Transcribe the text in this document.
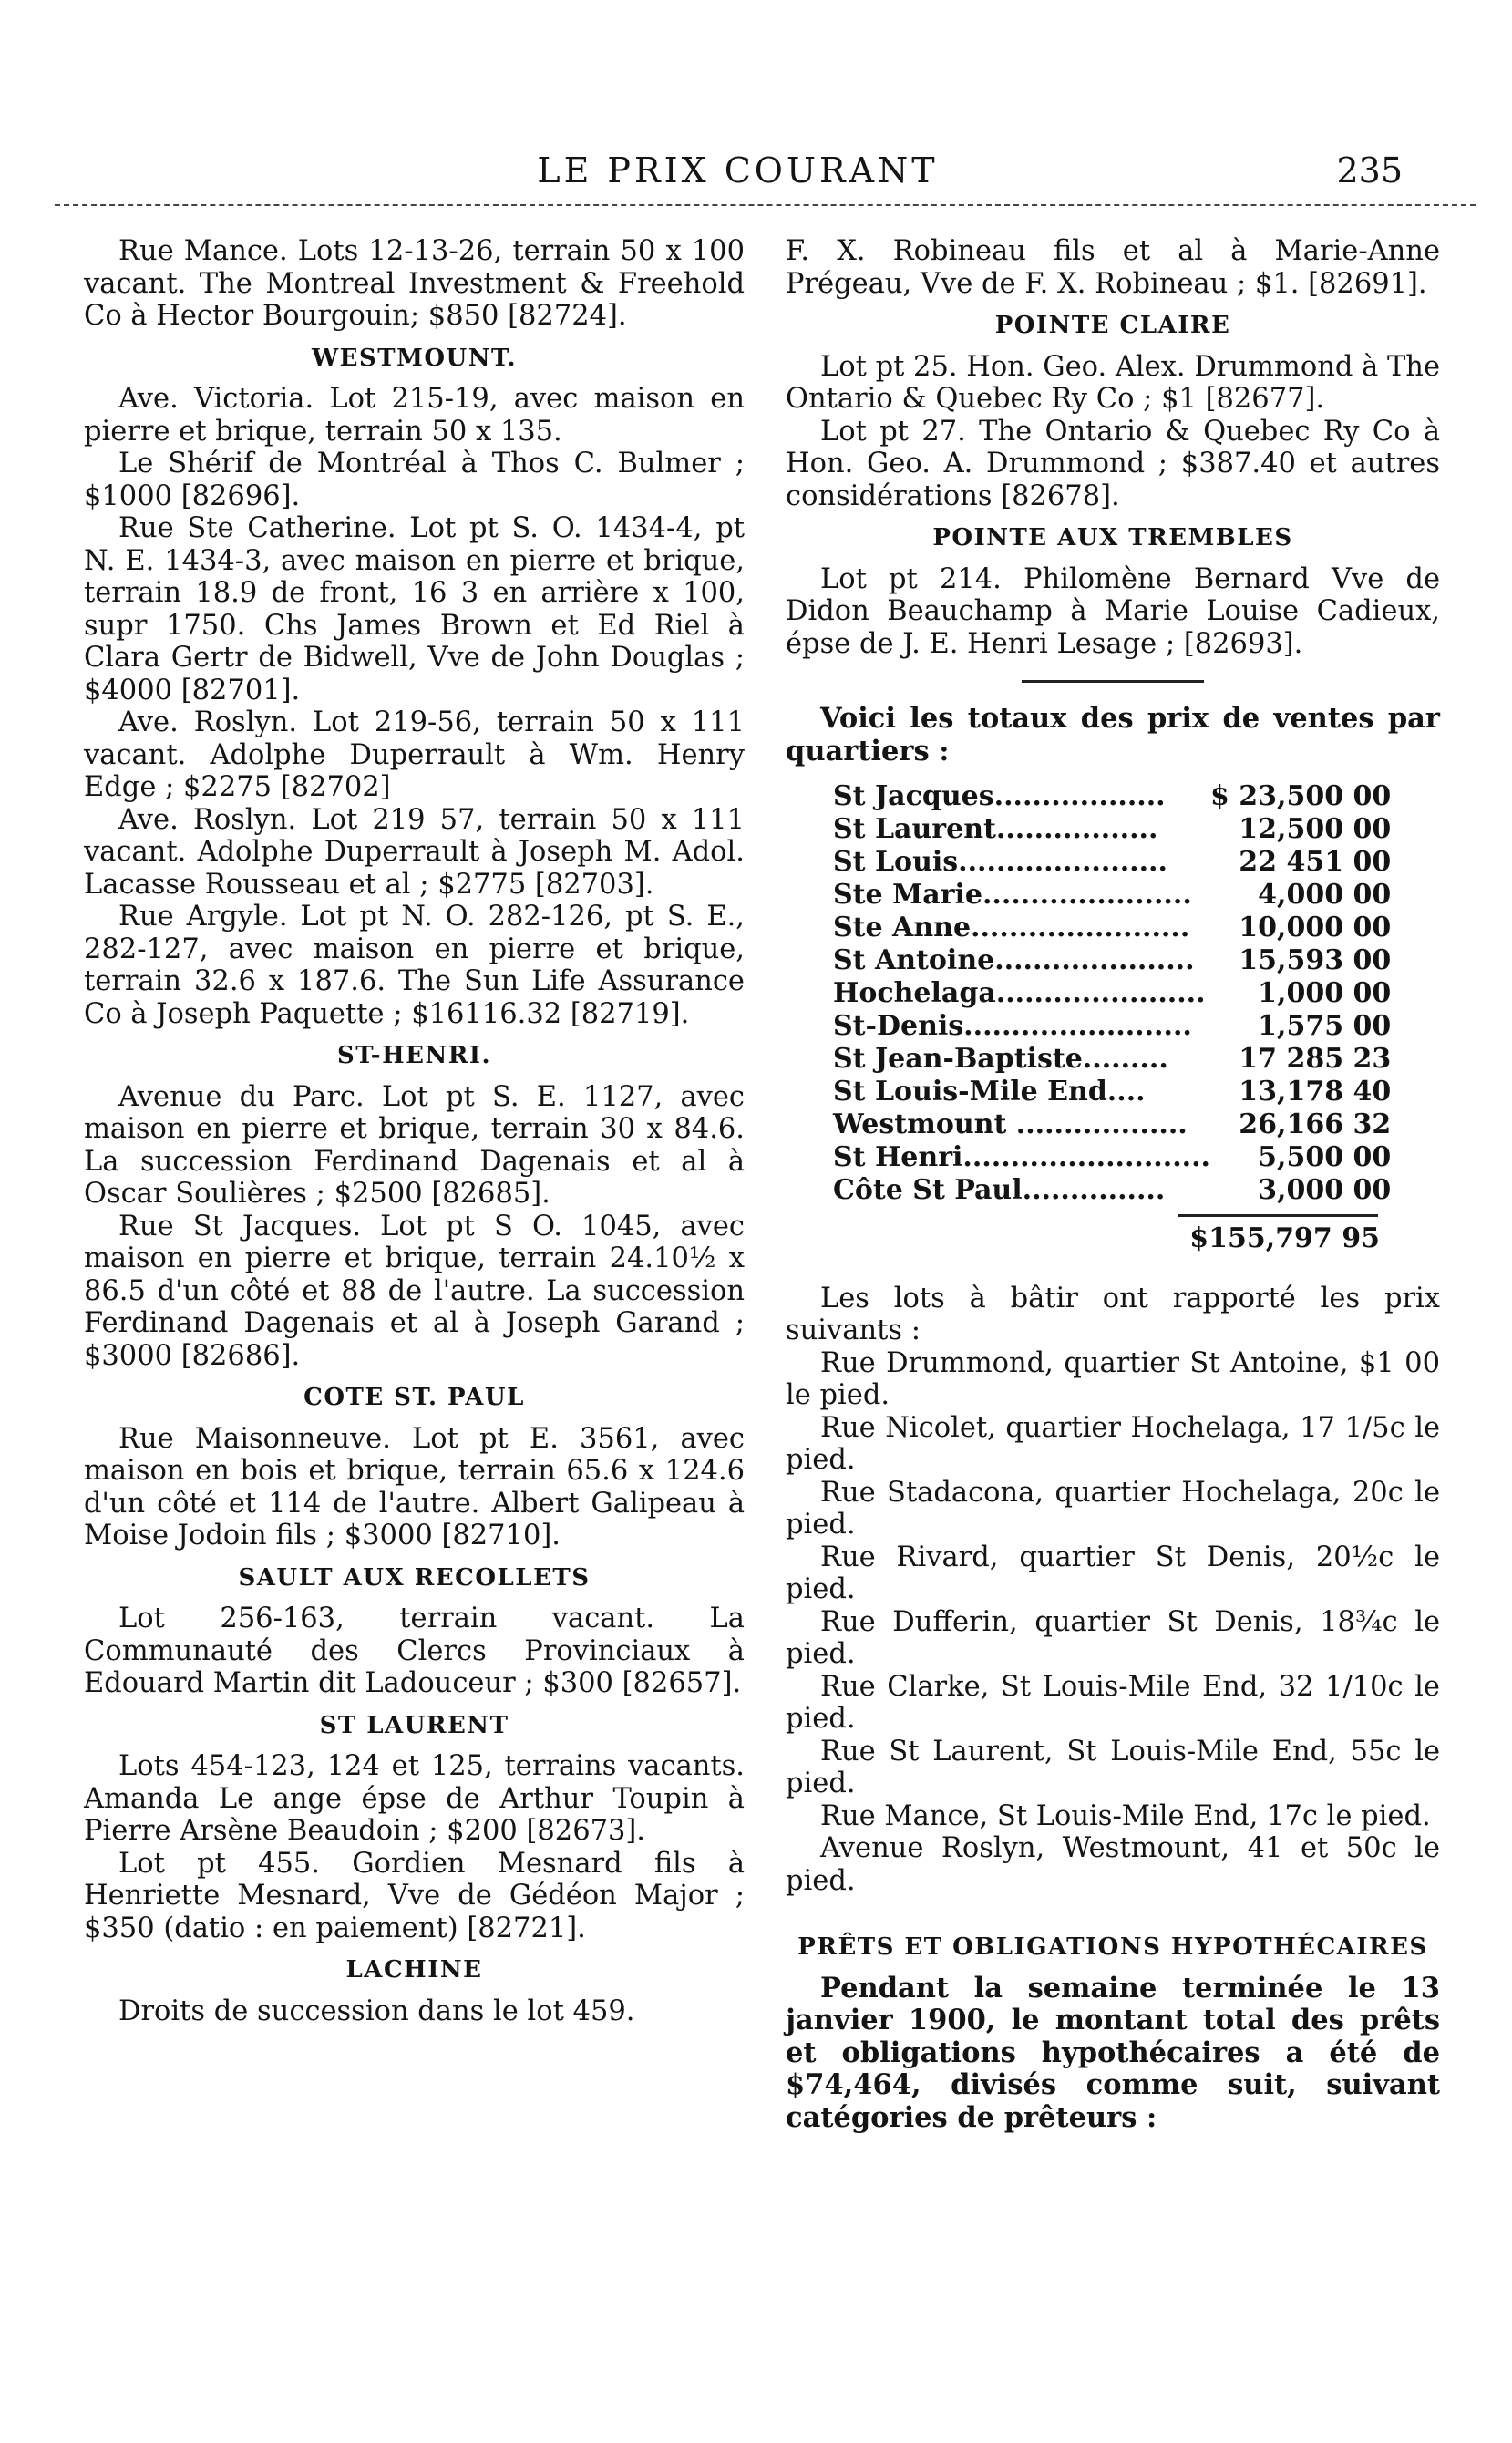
LE PRIX COURANT	235

Rue Mance. Lots 12-13-26, terrain 50 x 100 vacant. The Montreal Investment & Freehold Co à Hector Bourgouin; $850 [82724].

WESTMOUNT.

Ave. Victoria. Lot 215-19, avec maison en pierre et brique, terrain 50 x 135.

Le Shérif de Montréal à Thos C. Bulmer ; $1000 [82696].

Rue Ste Catherine. Lot pt S. O. 1434-4, pt N. E. 1434-3, avec maison en pierre et brique, terrain 18.9 de front, 16 3 en arrière x 100, supr 1750. Chs James Brown et Ed Riel à Clara Gertr de Bidwell, Vve de John Douglas ; $4000 [82701].

Ave. Roslyn. Lot 219-56, terrain 50 x 111 vacant. Adolphe Duperrault à Wm. Henry Edge ; $2275 [82702]

Ave. Roslyn. Lot 219 57, terrain 50 x 111 vacant. Adolphe Duperrault à Joseph M. Adol. Lacasse Rousseau et al ; $2775 [82703].

Rue Argyle. Lot pt N. O. 282-126, pt S. E., 282-127, avec maison en pierre et brique, terrain 32.6 x 187.6. The Sun Life Assurance Co à Joseph Paquette ; $16116.32 [82719].

ST-HENRI.

Avenue du Parc. Lot pt S. E. 1127, avec maison en pierre et brique, terrain 30 x 84.6. La succession Ferdinand Dagenais et al à Oscar Soulières ; $2500 [82685].

Rue St Jacques. Lot pt S O. 1045, avec maison en pierre et brique, terrain 24.10½ x 86.5 d'un côté et 88 de l'autre. La succession Ferdinand Dagenais et al à Joseph Garand ; $3000 [82686].

COTE ST. PAUL

Rue Maisonneuve. Lot pt E. 3561, avec maison en bois et brique, terrain 65.6 x 124.6 d'un côté et 114 de l'autre. Albert Galipeau à Moise Jodoin fils ; $3000 [82710].

SAULT AUX RECOLLETS

Lot 256-163, terrain vacant. La Communauté des Clercs Provinciaux à Edouard Martin dit Ladouceur ; $300 [82657].

ST LAURENT

Lots 454-123, 124 et 125, terrains vacants. Amanda Le ange épse de Arthur Toupin à Pierre Arsène Beaudoin ; $200 [82673].

Lot pt 455. Gordien Mesnard fils à Henriette Mesnard, Vve de Gédéon Major ; $350 (datio : en paiement) [82721].

LACHINE

Droits de succession dans le lot 459.

F. X. Robineau fils et al à Marie-Anne Prégeau, Vve de F. X. Robineau ; $1. [82691].

POINTE CLAIRE

Lot pt 25. Hon. Geo. Alex. Drummond à The Ontario & Quebec Ry Co ; $1 [82677].

Lot pt 27. The Ontario & Quebec Ry Co à Hon. Geo. A. Drummond ; $387.40 et autres considérations [82678].

POINTE AUX TREMBLES

Lot pt 214. Philomène Bernard Vve de Didon Beauchamp à Marie Louise Cadieux, épse de J. E. Henri Lesage ; [82693].

Voici les totaux des prix de ventes par quartiers :

St Jacques..................	$ 23,500 00
St Laurent.................	12,500 00
St Louis......................	22 451 00
Ste Marie......................	4,000 00
Ste Anne.......................	10,000 00
St Antoine.....................	15,593 00
Hochelaga......................	1,000 00
St-Denis........................	1,575 00
St Jean-Baptiste.........	17 285 23
St Louis-Mile End....	13,178 40
Westmount ..................	26,166 32
St Henri..........................	5,500 00
Côte St Paul...............	3,000 00
$155,797 95

Les lots à bâtir ont rapporté les prix suivants :

Rue Drummond, quartier St Antoine, $1 00 le pied.

Rue Nicolet, quartier Hochelaga, 17 1/5c le pied.

Rue Stadacona, quartier Hochelaga, 20c le pied.

Rue Rivard, quartier St Denis, 20½c le pied.

Rue Dufferin, quartier St Denis, 18¾c le pied.

Rue Clarke, St Louis-Mile End, 32 1/10c le pied.

Rue St Laurent, St Louis-Mile End, 55c le pied.

Rue Mance, St Louis-Mile End, 17c le pied.

Avenue Roslyn, Westmount, 41 et 50c le pied.

PRÊTS ET OBLIGATIONS HYPOTHÉCAIRES

Pendant la semaine terminée le 13 janvier 1900, le montant total des prêts et obligations hypothécaires a été de $74,464, divisés comme suit, suivant catégories de prêteurs :
